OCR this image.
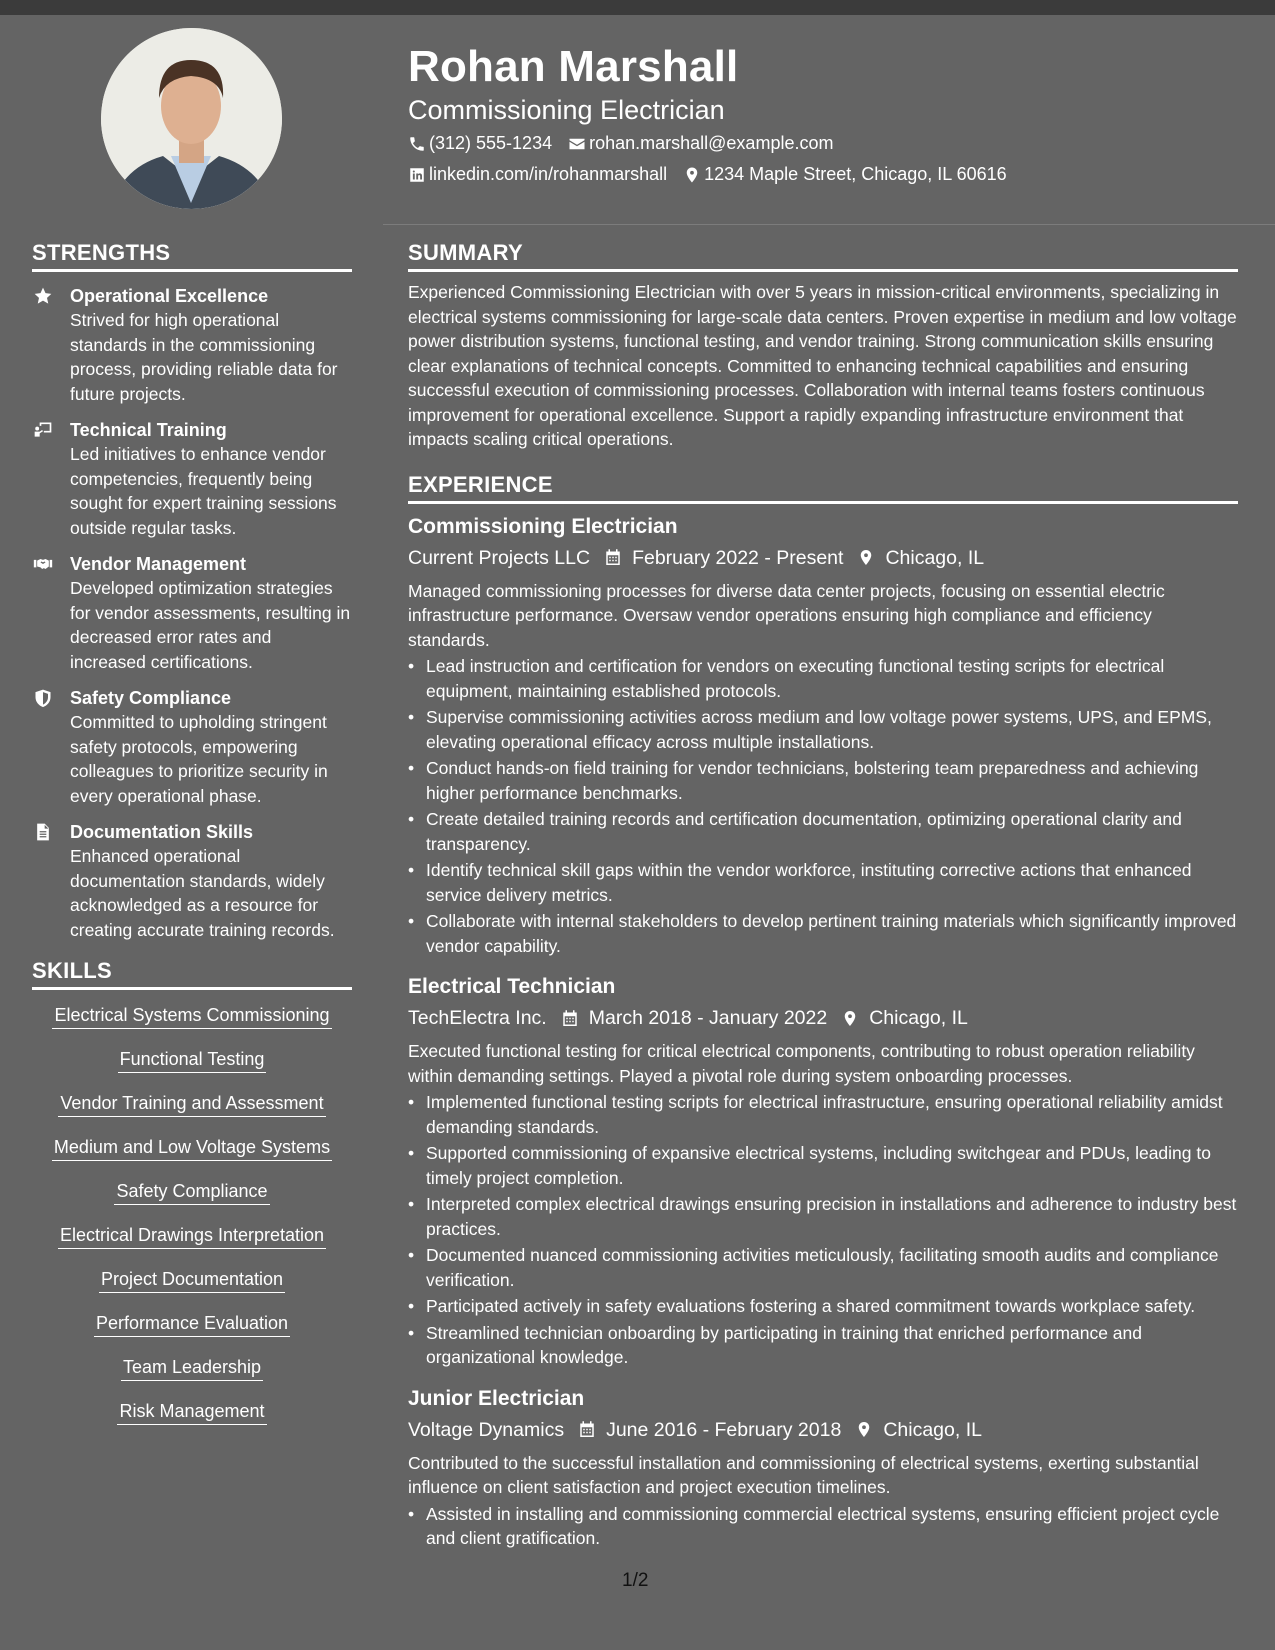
Rohan Marshall
Commissioning Electrician
(312) 555-1234 rohan.marshall@example.com
linkedin.com/in/rohanmarshall 1234 Maple Street, Chicago, IL 60616
STRENGTHS
Operational Excellence
Strived for high operational standards in the commissioning process, providing reliable data for future projects.
Technical Training
Led initiatives to enhance vendor competencies, frequently being sought for expert training sessions outside regular tasks.
Vendor Management
Developed optimization strategies for vendor assessments, resulting in decreased error rates and increased certifications.
Safety Compliance
Committed to upholding stringent safety protocols, empowering colleagues to prioritize security in every operational phase.
Documentation Skills
Enhanced operational documentation standards, widely acknowledged as a resource for creating accurate training records.
SKILLS
Electrical Systems Commissioning
Functional Testing
Vendor Training and Assessment
Medium and Low Voltage Systems
Safety Compliance
Electrical Drawings Interpretation
Project Documentation
Performance Evaluation
Team Leadership
Risk Management
SUMMARY

Experienced Commissioning Electrician with over 5 years in mission-critical environments, specializing in electrical systems commissioning for large-scale data centers. Proven expertise in medium and low voltage power distribution systems, functional testing, and vendor training. Strong communication skills ensuring clear explanations of technical concepts. Committed to enhancing technical capabilities and ensuring successful execution of commissioning processes. Collaboration with internal teams fosters continuous improvement for operational excellence. Support a rapidly expanding infrastructure environment that impacts scaling critical operations.

EXPERIENCE
Commissioning Electrician
Current Projects LLC February 2022 - Present Chicago, IL

Managed commissioning processes for diverse data center projects, focusing on essential electric infrastructure performance. Oversaw vendor operations ensuring high compliance and efficiency standards.

• Lead instruction and certification for vendors on executing functional testing scripts for electrical equipment, maintaining established protocols.
• Supervise commissioning activities across medium and low voltage power systems, UPS, and EPMS, elevating operational efficacy across multiple installations.
• Conduct hands-on field training for vendor technicians, bolstering team preparedness and achieving higher performance benchmarks.
• Create detailed training records and certification documentation, optimizing operational clarity and transparency.
• Identify technical skill gaps within the vendor workforce, instituting corrective actions that enhanced service delivery metrics.
• Collaborate with internal stakeholders to develop pertinent training materials which significantly improved vendor capability.
Electrical Technician
TechElectra Inc. March 2018 - January 2022 Chicago, IL

Executed functional testing for critical electrical components, contributing to robust operation reliability within demanding settings. Played a pivotal role during system onboarding processes.

• Implemented functional testing scripts for electrical infrastructure, ensuring operational reliability amidst demanding standards.
• Supported commissioning of expansive electrical systems, including switchgear and PDUs, leading to timely project completion.
• Interpreted complex electrical drawings ensuring precision in installations and adherence to industry best practices.
• Documented nuanced commissioning activities meticulously, facilitating smooth audits and compliance verification.
• Participated actively in safety evaluations fostering a shared commitment towards workplace safety.
• Streamlined technician onboarding by participating in training that enriched performance and organizational knowledge.
Junior Electrician
Voltage Dynamics June 2016 - February 2018 Chicago, IL

Contributed to the successful installation and commissioning of electrical systems, exerting substantial influence on client satisfaction and project execution timelines.

• Assisted in installing and commissioning commercial electrical systems, ensuring efficient project cycle and client gratification.
1/2
